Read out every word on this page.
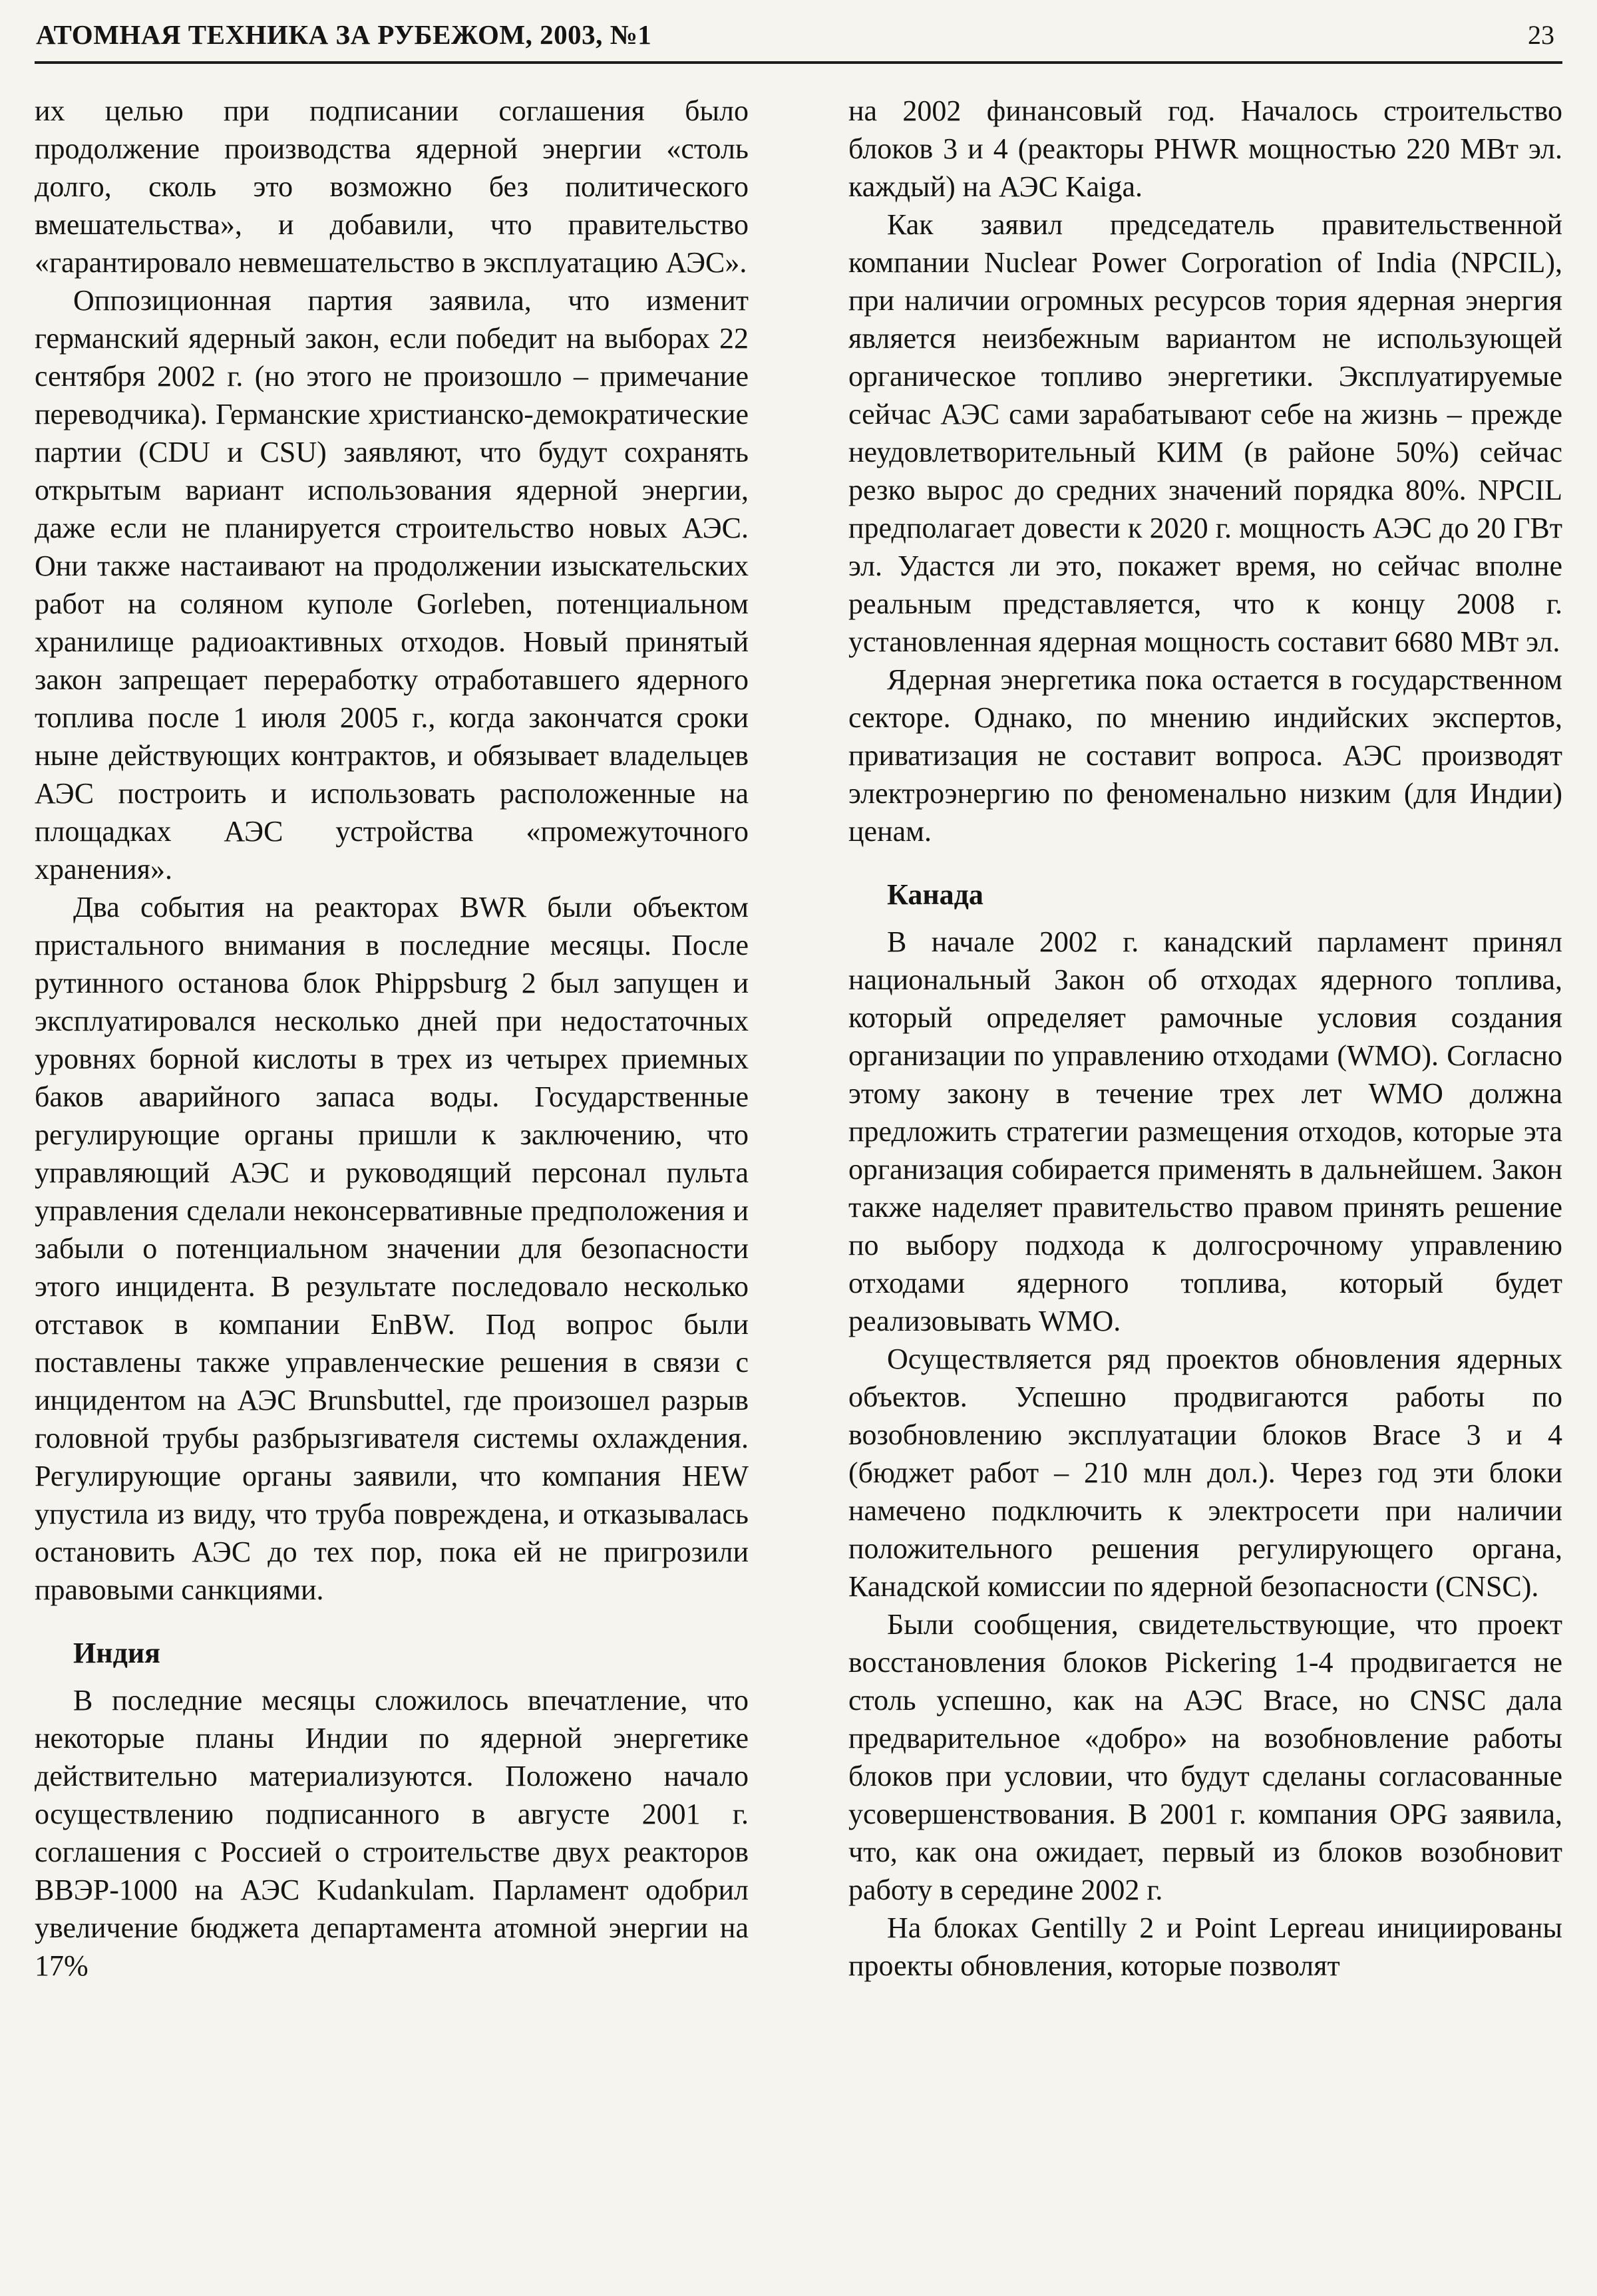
АТОМНАЯ ТЕХНИКА ЗА РУБЕЖОМ, 2003, №1	23

их целью при подписании соглашения было продолжение производства ядерной энергии «столь долго, сколь это возможно без политического вмешательства», и добавили, что правительство «гарантировало невмешательство в эксплуатацию АЭС».

Оппозиционная партия заявила, что изменит германский ядерный закон, если победит на выборах 22 сентября 2002 г. (но этого не произошло – примечание переводчика). Германские христианско-демократические партии (CDU и CSU) заявляют, что будут сохранять открытым вариант использования ядерной энергии, даже если не планируется строительство новых АЭС. Они также настаивают на продолжении изыскательских работ на соляном куполе Gorleben, потенциальном хранилище радиоактивных отходов. Новый принятый закон запрещает переработку отработавшего ядерного топлива после 1 июля 2005 г., когда закончатся сроки ныне действующих контрактов, и обязывает владельцев АЭС построить и использовать расположенные на площадках АЭС устройства «промежуточного хранения».

Два события на реакторах BWR были объектом пристального внимания в последние месяцы. После рутинного останова блок Phippsburg 2 был запущен и эксплуатировался несколько дней при недостаточных уровнях борной кислоты в трех из четырех приемных баков аварийного запаса воды. Государственные регулирующие органы пришли к заключению, что управляющий АЭС и руководящий персонал пульта управления сделали неконсервативные предположения и забыли о потенциальном значении для безопасности этого инцидента. В результате последовало несколько отставок в компании EnBW. Под вопрос были поставлены также управленческие решения в связи с инцидентом на АЭС Brunsbuttel, где произошел разрыв головной трубы разбрызгивателя системы охлаждения. Регулирующие органы заявили, что компания HEW упустила из виду, что труба повреждена, и отказывалась остановить АЭС до тех пор, пока ей не пригрозили правовыми санкциями.

Индия

В последние месяцы сложилось впечатление, что некоторые планы Индии по ядерной энергетике действительно материализуются. Положено начало осуществлению подписанного в августе 2001 г. соглашения с Россией о строительстве двух реакторов ВВЭР-1000 на АЭС Kudankulam. Парламент одобрил увеличение бюджета департамента атомной энергии на 17%

на 2002 финансовый год. Началось строительство блоков 3 и 4 (реакторы PHWR мощностью 220 МВт эл. каждый) на АЭС Kaiga.

Как заявил председатель правительственной компании Nuclear Power Corporation of India (NPCIL), при наличии огромных ресурсов тория ядерная энергия является неизбежным вариантом не использующей органическое топливо энергетики. Эксплуатируемые сейчас АЭС сами зарабатывают себе на жизнь – прежде неудовлетворительный КИМ (в районе 50%) сейчас резко вырос до средних значений порядка 80%. NPCIL предполагает довести к 2020 г. мощность АЭС до 20 ГВт эл. Удастся ли это, покажет время, но сейчас вполне реальным представляется, что к концу 2008 г. установленная ядерная мощность составит 6680 МВт эл.

Ядерная энергетика пока остается в государственном секторе. Однако, по мнению индийских экспертов, приватизация не составит вопроса. АЭС производят электроэнергию по феноменально низким (для Индии) ценам.

Канада

В начале 2002 г. канадский парламент принял национальный Закон об отходах ядерного топлива, который определяет рамочные условия создания организации по управлению отходами (WMO). Согласно этому закону в течение трех лет WMO должна предложить стратегии размещения отходов, которые эта организация собирается применять в дальнейшем. Закон также наделяет правительство правом принять решение по выбору подхода к долгосрочному управлению отходами ядерного топлива, который будет реализовывать WMO.

Осуществляется ряд проектов обновления ядерных объектов. Успешно продвигаются работы по возобновлению эксплуатации блоков Brace 3 и 4 (бюджет работ – 210 млн дол.). Через год эти блоки намечено подключить к электросети при наличии положительного решения регулирующего органа, Канадской комиссии по ядерной безопасности (CNSC).

Были сообщения, свидетельствующие, что проект восстановления блоков Pickering 1-4 продвигается не столь успешно, как на АЭС Brace, но CNSC дала предварительное «добро» на возобновление работы блоков при условии, что будут сделаны согласованные усовершенствования. В 2001 г. компания OPG заявила, что, как она ожидает, первый из блоков возобновит работу в середине 2002 г.

На блоках Gentilly 2 и Point Lepreau инициированы проекты обновления, которые позволят
